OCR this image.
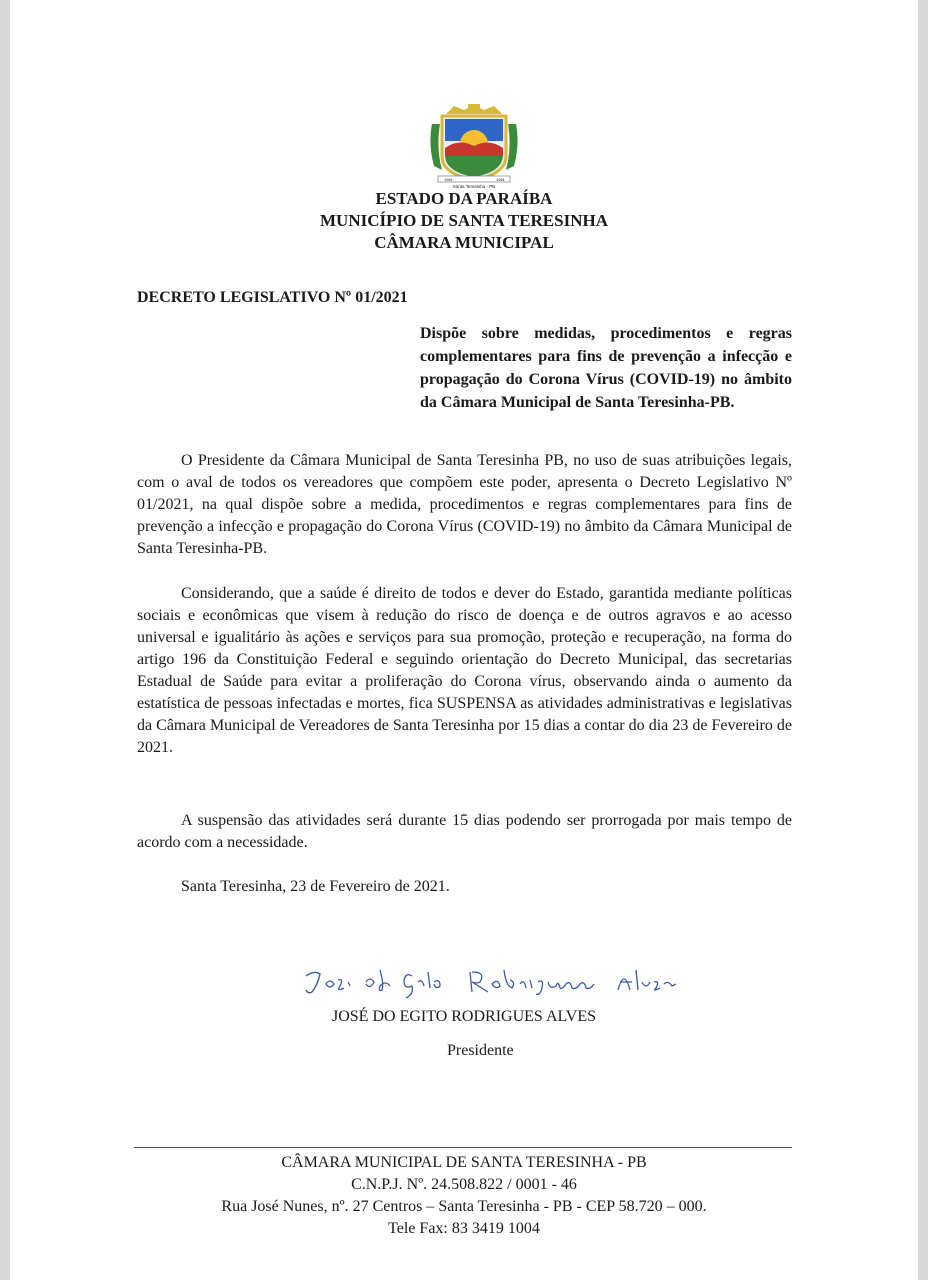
1961	1961
Santa Teresinha - PB
ESTADO DA PARAÍBA
MUNICÍPIO DE SANTA TERESINHA
CÂMARA MUNICIPAL
DECRETO LEGISLATIVO Nº 01/2021

Dispõe sobre medidas, procedimentos e regras complementares para fins de prevenção a infecção e propagação do Corona Vírus (COVID-19) no âmbito da Câmara Municipal de Santa Teresinha-PB.

O Presidente da Câmara Municipal de Santa Teresinha PB, no uso de suas atribuições legais, com o aval de todos os vereadores que compõem este poder, apresenta o Decreto Legislativo Nº 01/2021, na qual dispõe sobre a medida, procedimentos e regras complementares para fins de prevenção a infecção e propagação do Corona Vírus (COVID-19) no âmbito da Câmara Municipal de Santa Teresinha-PB.

Considerando, que a saúde é direito de todos e dever do Estado, garantida mediante políticas sociais e econômicas que visem à redução do risco de doença e de outros agravos e ao acesso universal e igualitário às ações e serviços para sua promoção, proteção e recuperação, na forma do artigo 196 da Constituição Federal e seguindo orientação do Decreto Municipal, das secretarias Estadual de Saúde para evitar a proliferação do Corona vírus, observando ainda o aumento da estatística de pessoas infectadas e mortes, fica SUSPENSA as atividades administrativas e legislativas da Câmara Municipal de Vereadores de Santa Teresinha por 15 dias a contar do dia 23 de Fevereiro de 2021.

A suspensão das atividades será durante 15 dias podendo ser prorrogada por mais tempo de acordo com a necessidade.

Santa Teresinha, 23 de Fevereiro de 2021.
JOSÉ DO EGITO RODRIGUES ALVES
Presidente
CÂMARA MUNICIPAL DE SANTA TERESINHA - PB
C.N.P.J. Nº. 24.508.822 / 0001 - 46
Rua José Nunes, nº. 27 Centros – Santa Teresinha - PB - CEP 58.720 – 000.
Tele Fax: 83 3419 1004
